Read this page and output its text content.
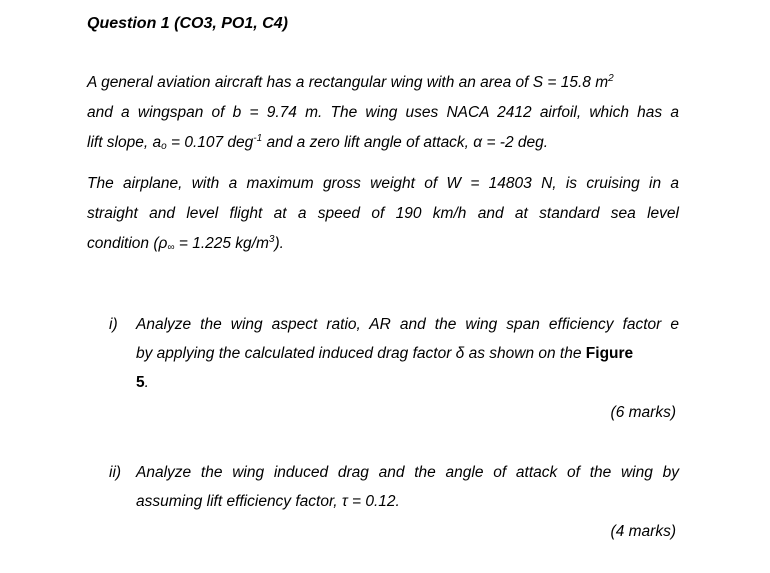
Question 1 (CO3, PO1, C4)
A general aviation aircraft has a rectangular wing with an area of S = 15.8 $m^2$
and a wingspan of b = 9.74 m. The wing uses NACA 2412 airfoil, which has a
lift slope, $a_o = 0.107$ deg$^{-1}$ and a zero lift angle of attack, α = -2 deg.
The airplane, with a maximum gross weight of W = 14803 N, is cruising in a
straight and level flight at a speed of 190 km/h and at standard sea level
condition ($\rho_\infty = 1.225$ $kg/m^3$).
i) Analyze the wing aspect ratio, AR and the wing span efficiency factor e
by applying the calculated induced drag factor δ as shown on the Figure
5.
(6 marks)
ii) Analyze the wing induced drag and the angle of attack of the wing by
assuming lift efficiency factor, τ = 0.12.
(4 marks)
